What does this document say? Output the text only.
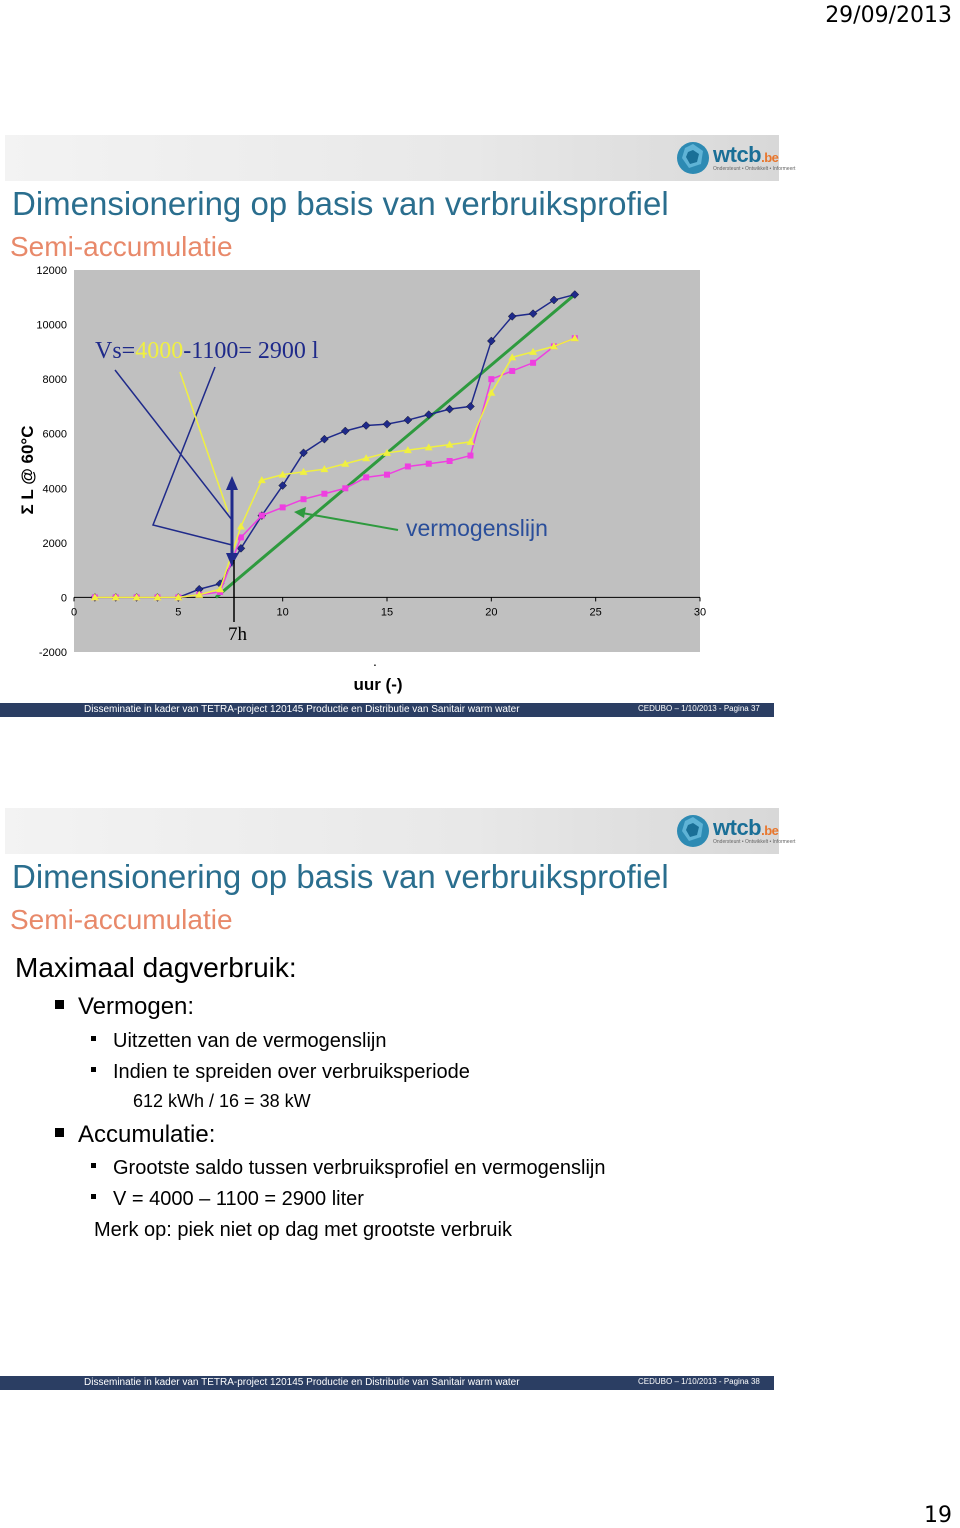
29/09/2013
wtcb.be
Ondersteunt • Ontwikkelt • Informeert
Dimensionering op basis van verbruiksprofiel
Semi-accumulatie
12000
10000
8000
6000
4000
2000
0
-2000
0	5	10	15	20	25	30
Vs=4000-1100= 2900 l
7h
vermogenslijn
Σ L @ 60°C
uur (-)
.
Disseminatie in kader van TETRA-project 120145 Productie en Distributie van Sanitair warm water	CEDUBO – 1/10/2013 - Pagina 37
wtcb.be
Ondersteunt • Ontwikkelt • Informeert
Dimensionering op basis van verbruiksprofiel
Semi-accumulatie
Maximaal dagverbruik:
Vermogen:
Uitzetten van de vermogenslijn
Indien te spreiden over verbruiksperiode
612 kWh / 16 = 38 kW
Accumulatie:
Grootste saldo tussen verbruiksprofiel en vermogenslijn
V = 4000 – 1100 = 2900 liter
Merk op: piek niet op dag met grootste verbruik
Disseminatie in kader van TETRA-project 120145 Productie en Distributie van Sanitair warm water	CEDUBO – 1/10/2013 - Pagina 38
19
